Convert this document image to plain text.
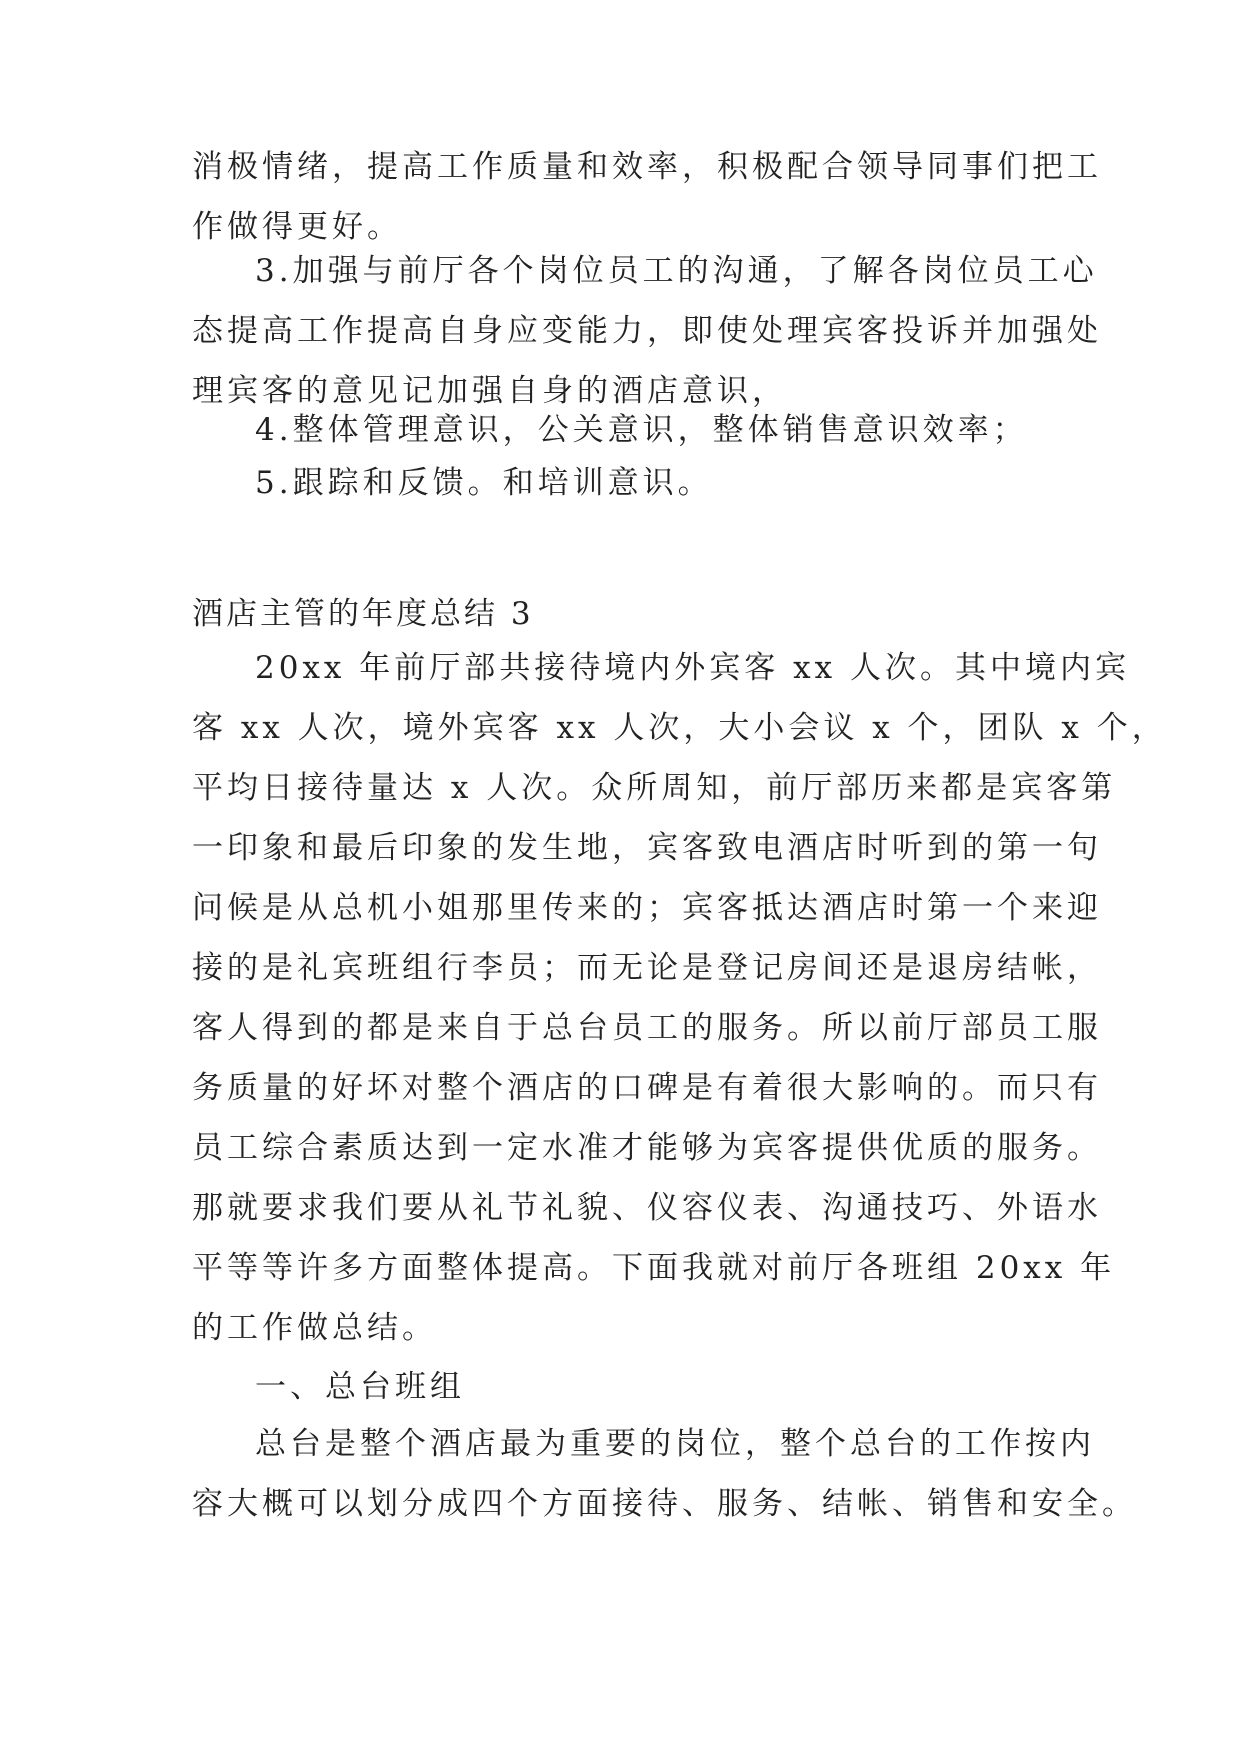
消极情绪，提高工作质量和效率，积极配合领导同事们把工

作做得更好。

3.加强与前厅各个岗位员工的沟通，了解各岗位员工心

态提高工作提高自身应变能力，即使处理宾客投诉并加强处

理宾客的意见记加强自身的酒店意识，

4.整体管理意识，公关意识，整体销售意识效率；

5.跟踪和反馈。和培训意识。

酒店主管的年度总结 3

20xx 年前厅部共接待境内外宾客 xx 人次。其中境内宾

客 xx 人次，境外宾客 xx 人次，大小会议 x 个，团队 x 个，

平均日接待量达 x 人次。众所周知，前厅部历来都是宾客第

一印象和最后印象的发生地，宾客致电酒店时听到的第一句

问候是从总机小姐那里传来的；宾客抵达酒店时第一个来迎

接的是礼宾班组行李员；而无论是登记房间还是退房结帐，

客人得到的都是来自于总台员工的服务。所以前厅部员工服

务质量的好坏对整个酒店的口碑是有着很大影响的。而只有

员工综合素质达到一定水准才能够为宾客提供优质的服务。

那就要求我们要从礼节礼貌、仪容仪表、沟通技巧、外语水

平等等许多方面整体提高。下面我就对前厅各班组 20xx 年

的工作做总结。

一、总台班组

总台是整个酒店最为重要的岗位，整个总台的工作按内

容大概可以划分成四个方面接待、服务、结帐、销售和安全。
